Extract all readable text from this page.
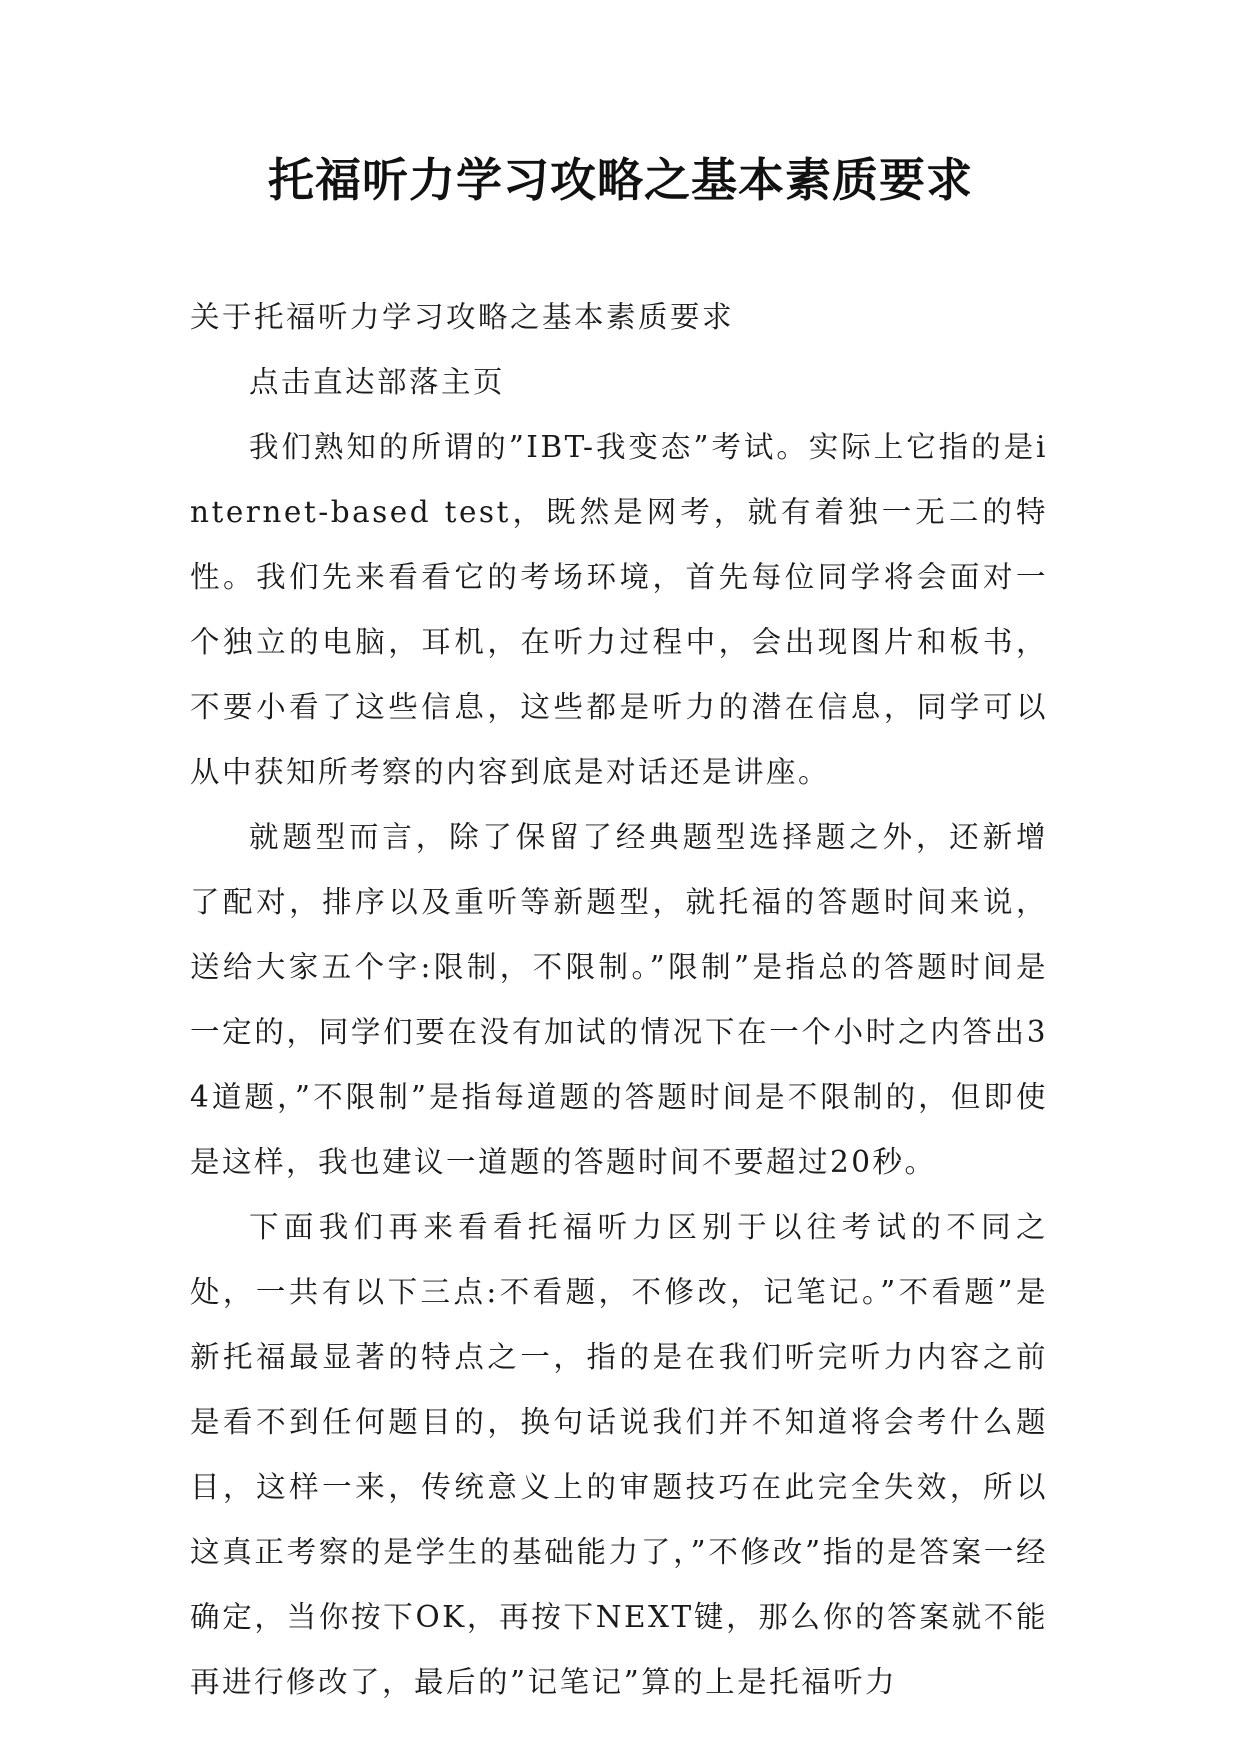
托福听力学习攻略之基本素质要求

关于托福听力学习攻略之基本素质要求

点击直达部落主页

我们熟知的所谓的”IBT-我变态”考试。实际上它指的是internet-based test，既然是网考，就有着独一无二的特性。我们先来看看它的考场环境，首先每位同学将会面对一个独立的电脑，耳机，在听力过程中，会出现图片和板书，不要小看了这些信息，这些都是听力的潜在信息，同学可以从中获知所考察的内容到底是对话还是讲座。

就题型而言，除了保留了经典题型选择题之外，还新增了配对，排序以及重听等新题型，就托福的答题时间来说，送给大家五个字:限制，不限制。”限制”是指总的答题时间是一定的，同学们要在没有加试的情况下在一个小时之内答出34道题，”不限制”是指每道题的答题时间是不限制的，但即使是这样，我也建议一道题的答题时间不要超过20秒。

下面我们再来看看托福听力区别于以往考试的不同之处，一共有以下三点:不看题，不修改，记笔记。”不看题”是新托福最显著的特点之一，指的是在我们听完听力内容之前是看不到任何题目的，换句话说我们并不知道将会考什么题目，这样一来，传统意义上的审题技巧在此完全失效，所以这真正考察的是学生的基础能力了，”不修改”指的是答案一经确定，当你按下OK，再按下NEXT键，那么你的答案就不能再进行修改了，最后的”记笔记”算的上是托福听力
